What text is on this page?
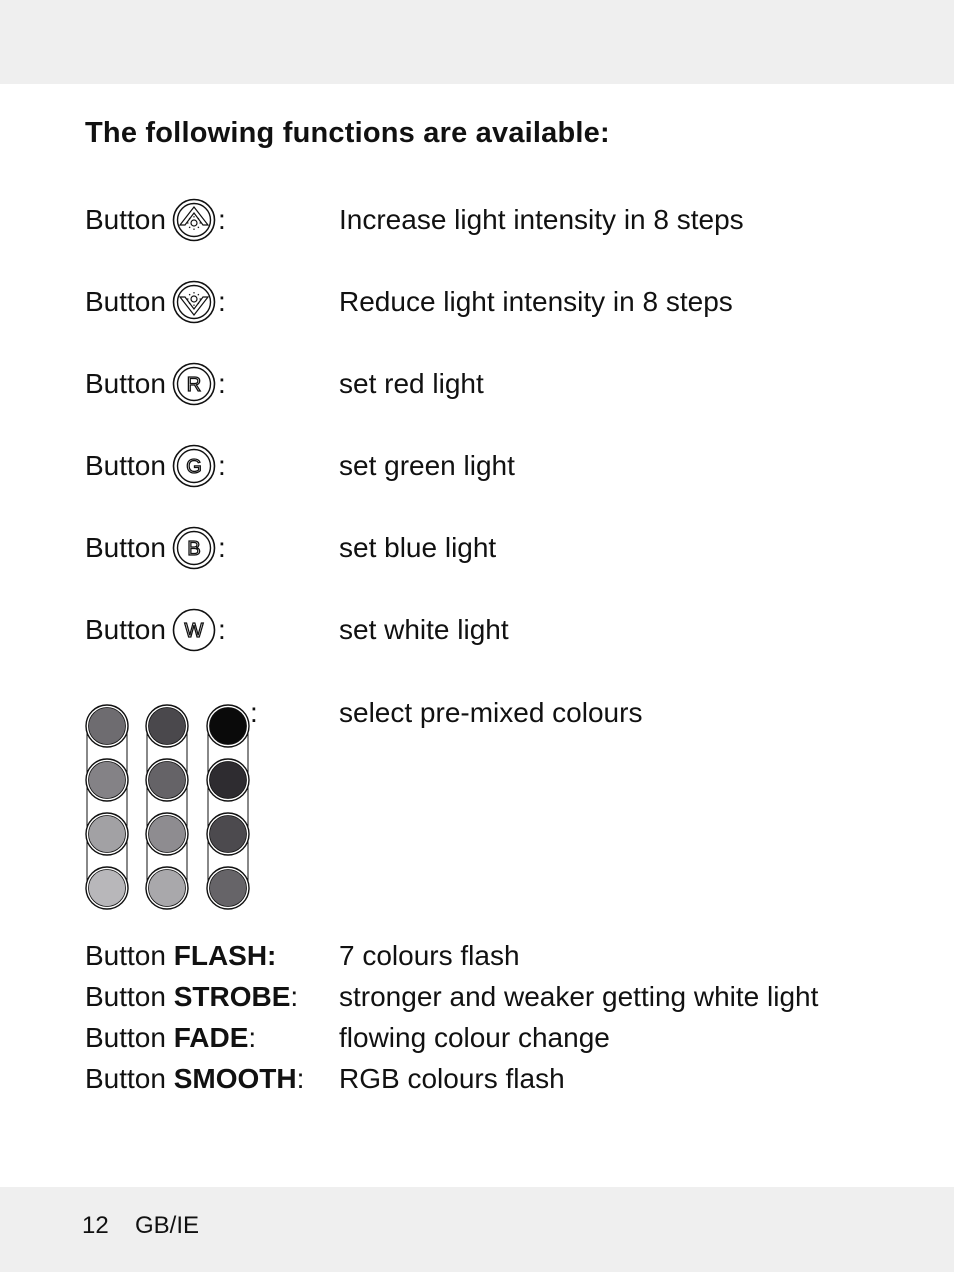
The following functions are available:
Button :	Increase light intensity in 8 steps
Button :	Reduce light intensity in 8 steps
Button R :	set red light
Button G :	set green light
Button B :	set blue light
Button W :	set white light
:	select pre-mixed colours
Button FLASH: 7 colours flash
Button STROBE: stronger and weaker getting white light
Button FADE:	flowing colour change
Button SMOOTH: RGB colours flash
12 GB/IE
